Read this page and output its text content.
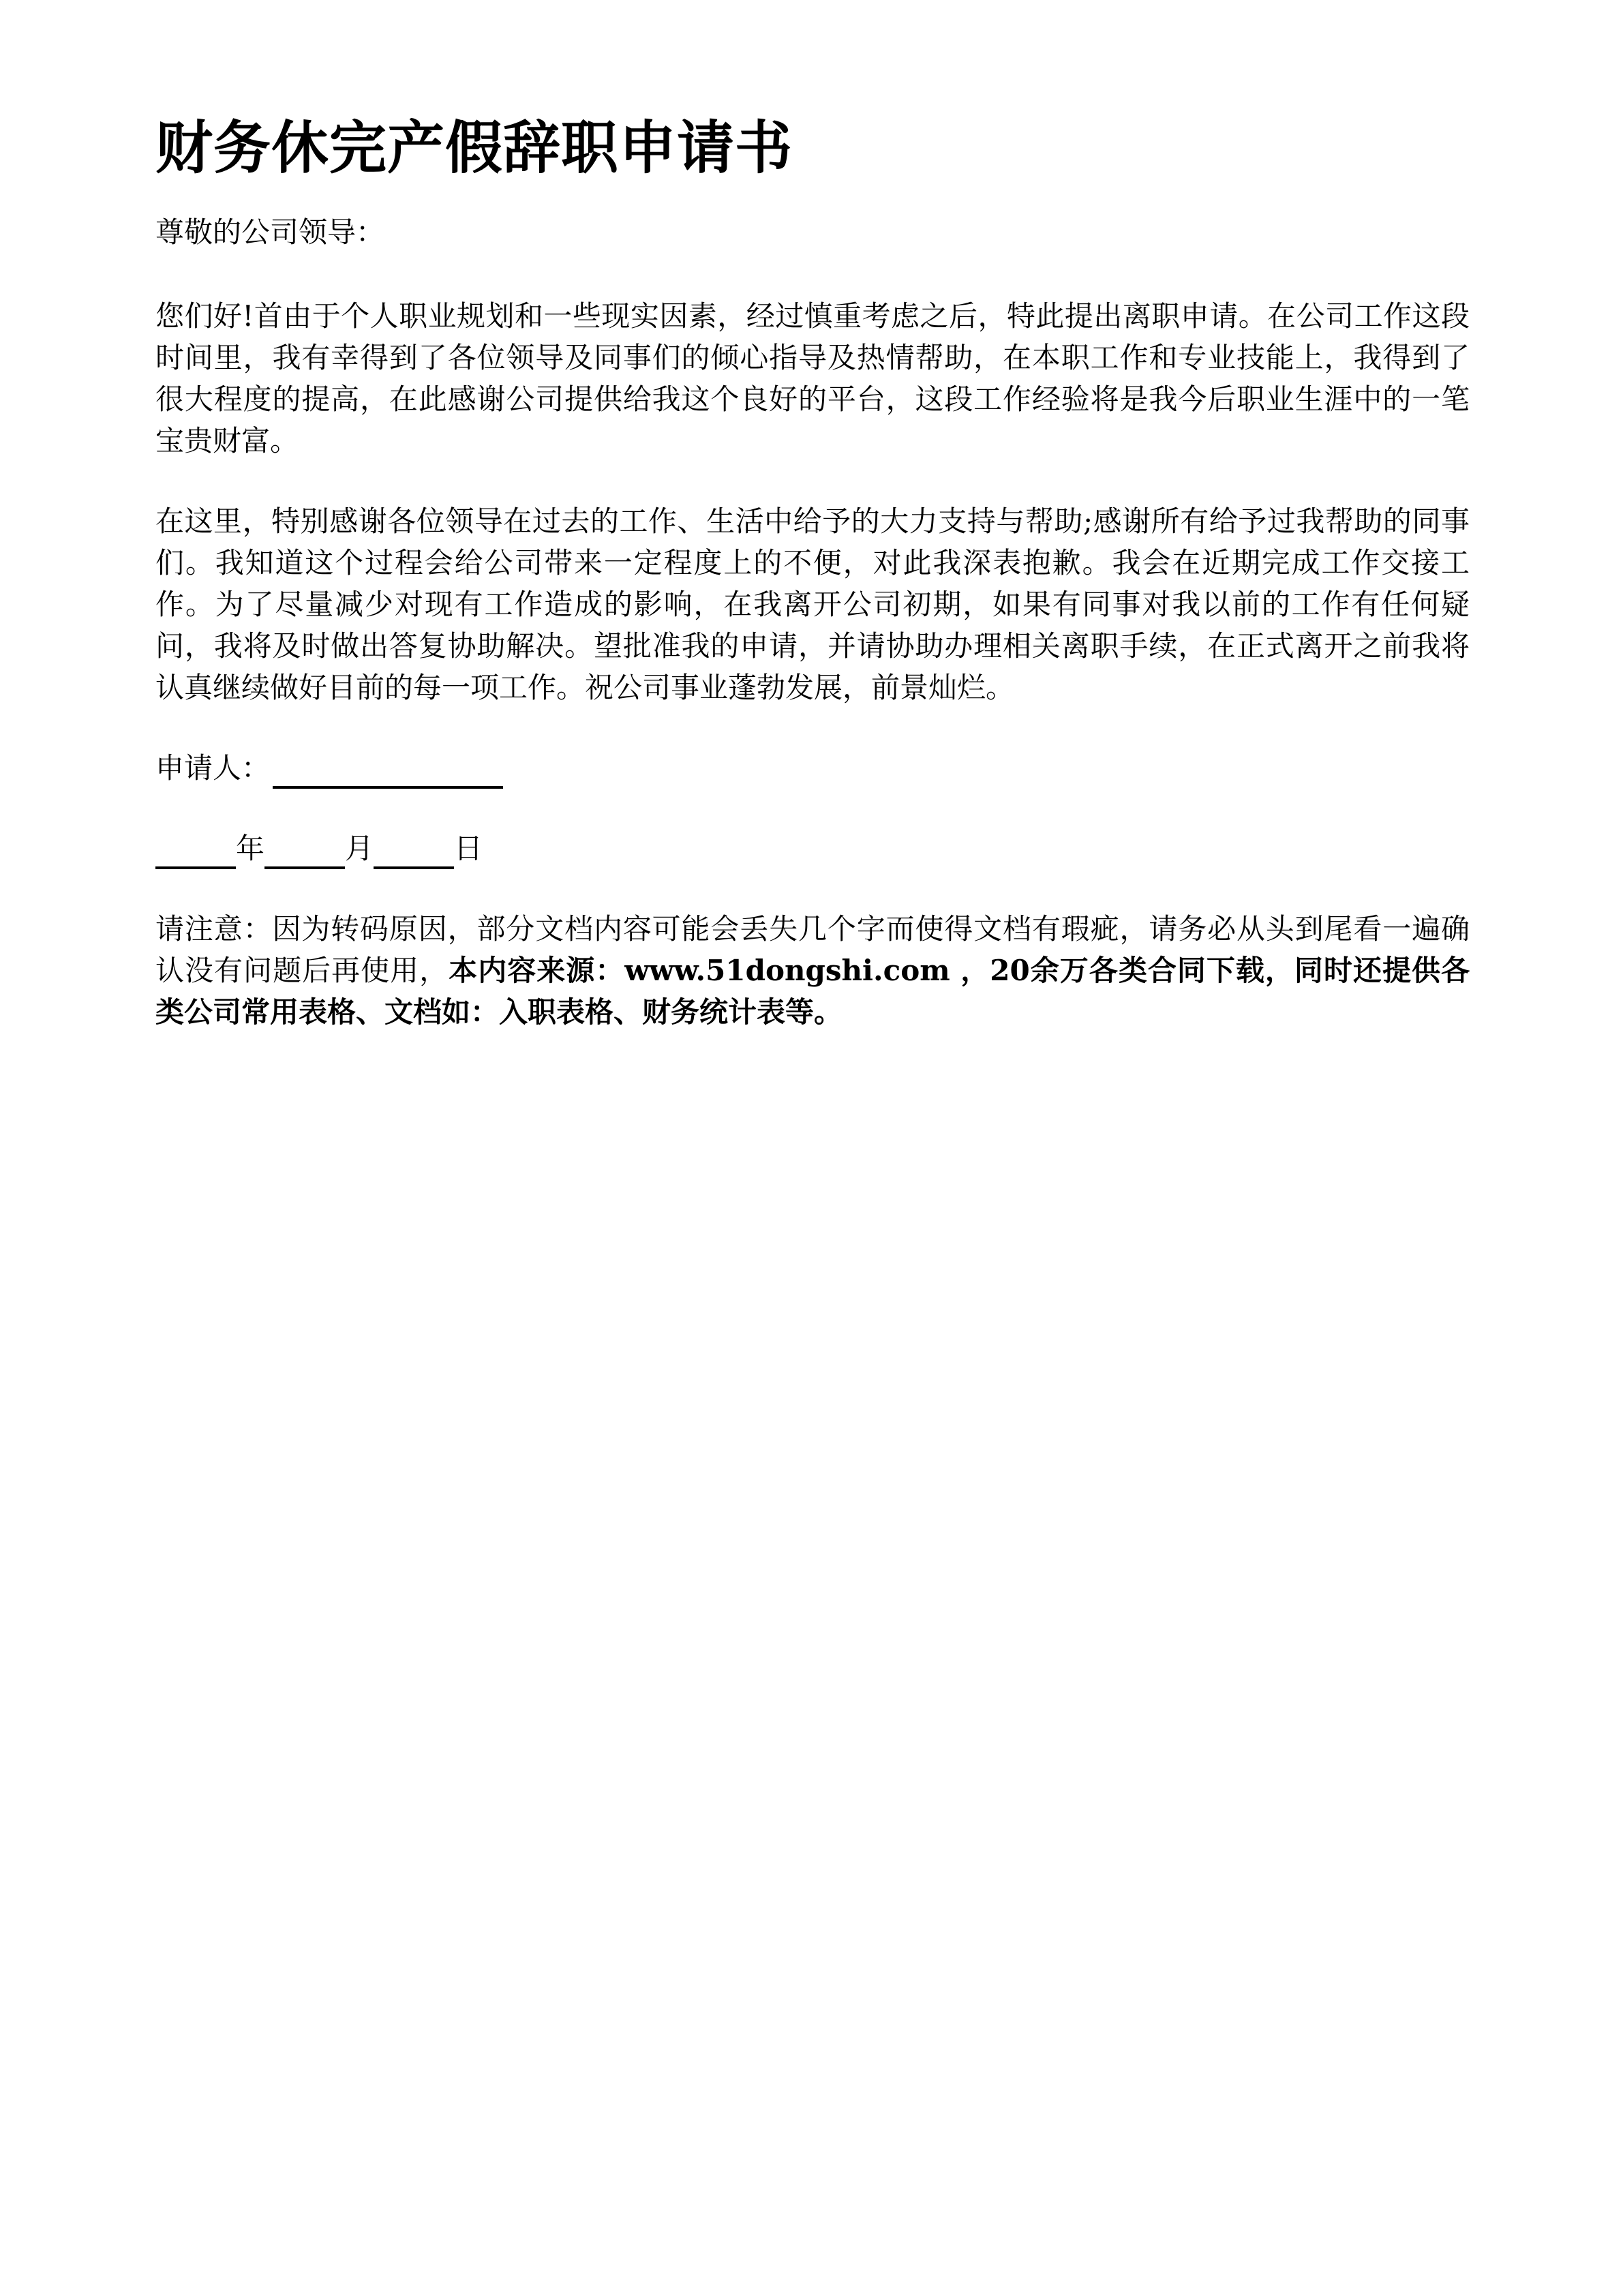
财务休完产假辞职申请书

尊敬的公司领导：

您们好!首由于个人职业规划和一些现实因素，经过慎重考虑之后，特此提出离职申请。在公司工作这段时间里，我有幸得到了各位领导及同事们的倾心指导及热情帮助，在本职工作和专业技能上，我得到了很大程度的提高，在此感谢公司提供给我这个良好的平台，这段工作经验将是我今后职业生涯中的一笔宝贵财富。

在这里，特别感谢各位领导在过去的工作、生活中给予的大力支持与帮助;感谢所有给予过我帮助的同事们。我知道这个过程会给公司带来一定程度上的不便，对此我深表抱歉。我会在近期完成工作交接工作。为了尽量减少对现有工作造成的影响，在我离开公司初期，如果有同事对我以前的工作有任何疑问，我将及时做出答复协助解决。望批准我的申请，并请协助办理相关离职手续，在正式离开之前我将认真继续做好目前的每一项工作。祝公司事业蓬勃发展，前景灿烂。

申请人：
年	月	日

请注意：因为转码原因，部分文档内容可能会丢失几个字而使得文档有瑕疵，请务必从头到尾看一遍确认没有问题后再使用，本内容来源：www.51dongshi.com ，20余万各类合同下载，同时还提供各类公司常用表格、文档如：入职表格、财务统计表等。
